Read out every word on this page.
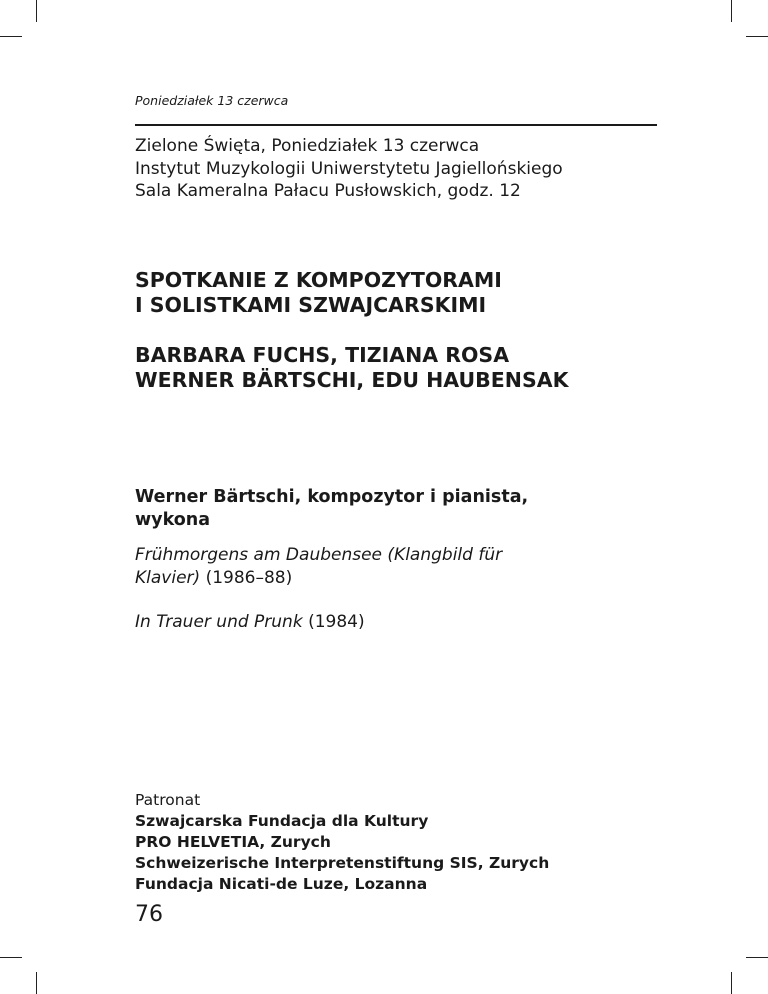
Poniedziałek 13 czerwca
Zielone Święta, Poniedziałek 13 czerwca
Instytut Muzykologii Uniwerstytetu Jagiellońskiego
Sala Kameralna Pałacu Pusłowskich, godz. 12
SPOTKANIE Z KOMPOZYTORAMI
I SOLISTKAMI SZWAJCARSKIMI
BARBARA FUCHS, TIZIANA ROSA
WERNER BÄRTSCHI, EDU HAUBENSAK
Werner Bärtschi, kompozytor i pianista,
wykona
Frühmorgens am Daubensee (Klangbild für
Klavier) (1986–88)
In Trauer und Prunk (1984)
Patronat
Szwajcarska Fundacja dla Kultury
PRO HELVETIA, Zurych
Schweizerische Interpretenstiftung SIS, Zurych
Fundacja Nicati-de Luze, Lozanna
76
